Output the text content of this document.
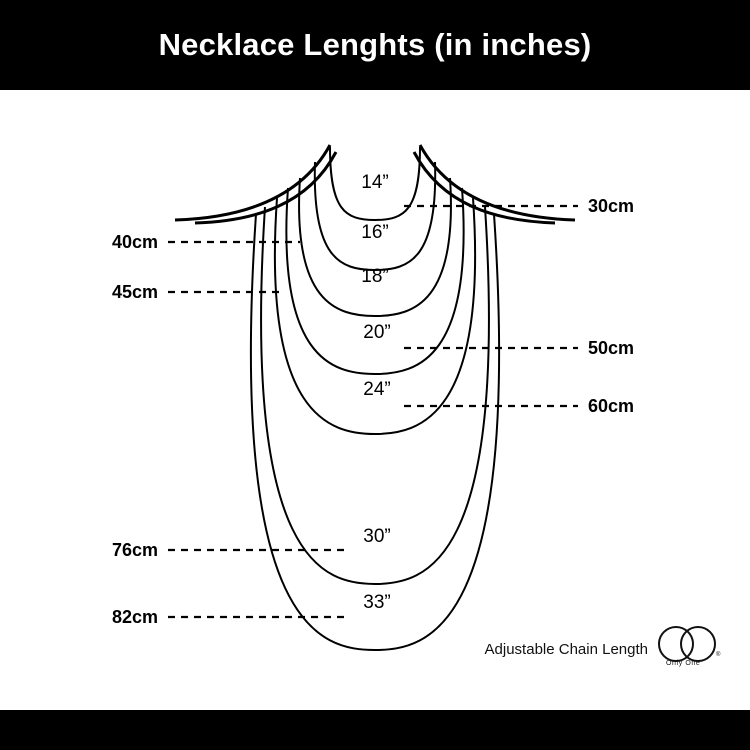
Necklace Lenghts (in inches)
14”
16”
18”
20”
24”
30”
33”
30cm
50cm
60cm
40cm
45cm
76cm
82cm
Adjustable Chain Length
Only One
®
